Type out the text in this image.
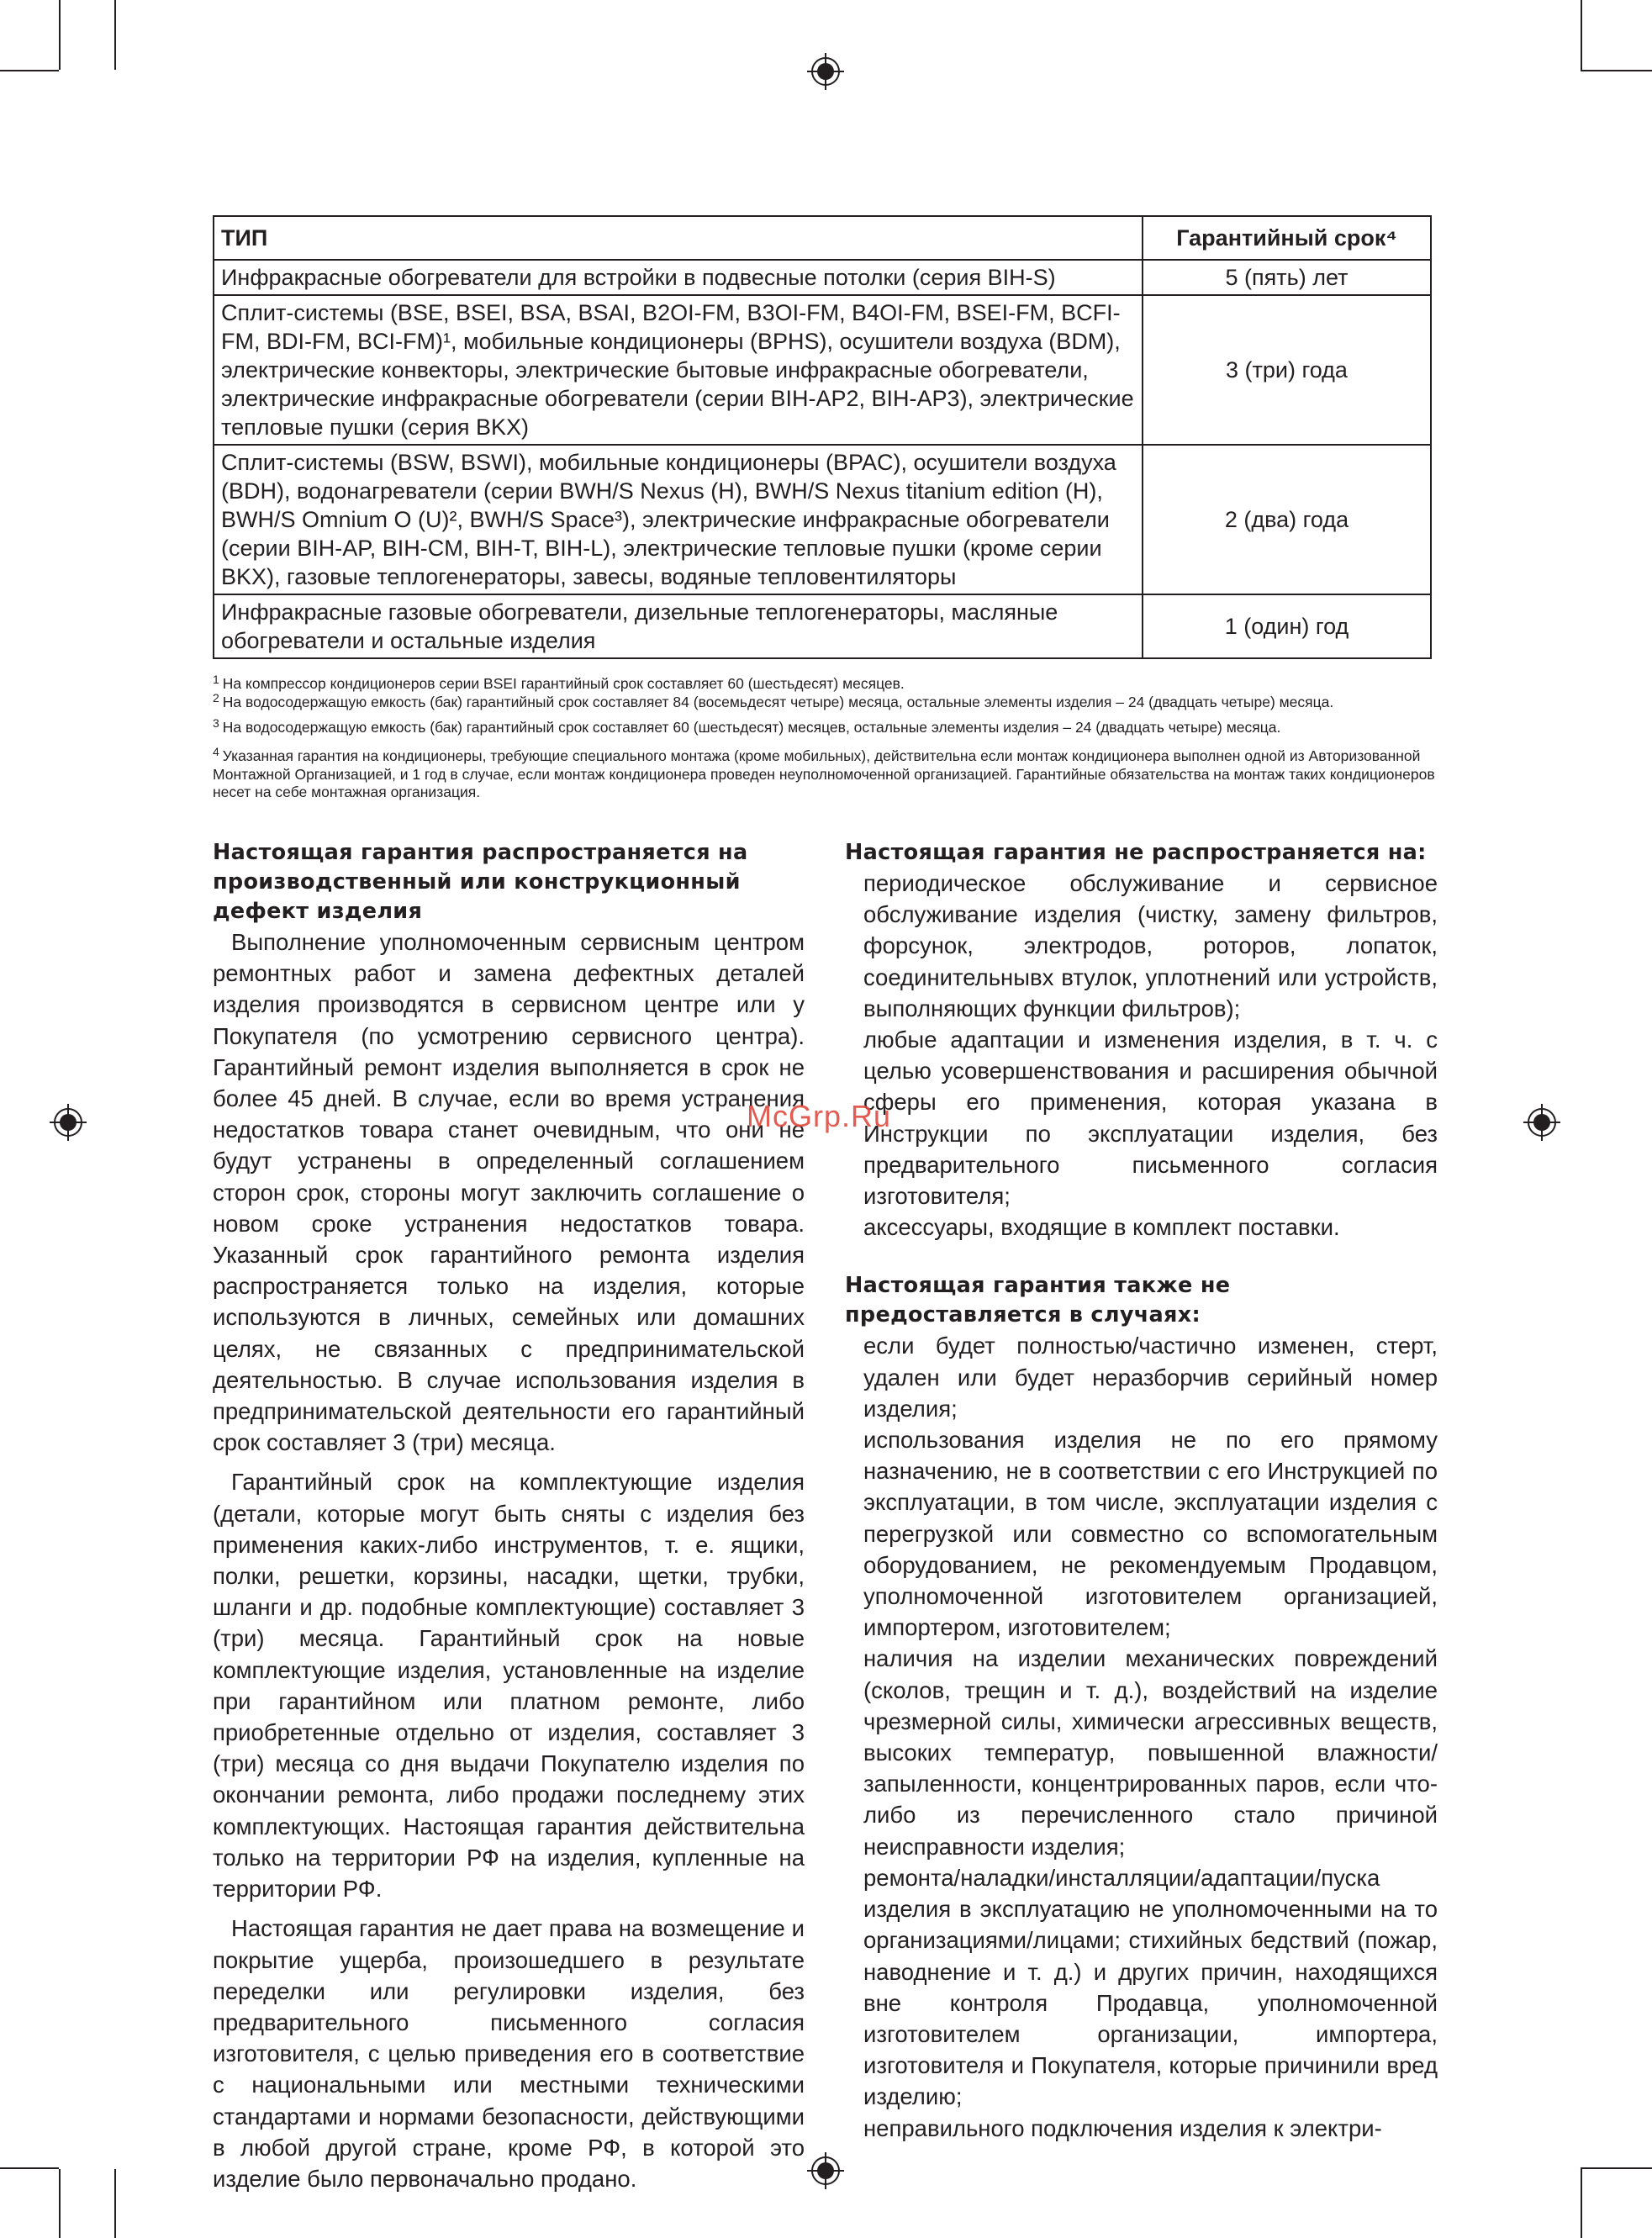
ТИП	Гарантийный срок⁴
Инфракрасные обогреватели для встройки в подвесные потолки (серия BIH-S)	5 (пять) лет
Сплит-системы (BSE, BSEI, BSA, BSAI, B2OI-FM, B3OI-FM, B4OI-FM, BSEI-FM, BCFI-FM, BDI-FM, BCI-FM)¹, мобильные кондиционеры (BPHS), осушители воздуха (BDM), электрические конвекторы, электрические бытовые инфракрасные обогреватели, электрические инфракрасные обогреватели (серии BIH-AP2, BIH-AP3), электрические тепловые пушки (серия BKX)	3 (три) года
Сплит-системы (BSW, BSWI), мобильные кондиционеры (BPAC), осушители воздуха (BDH), водонагреватели (серии BWH/S Nexus (H), BWH/S Nexus titanium edition (H), BWH/S Omnium O (U)², BWH/S Space³), электрические инфракрасные обогреватели (серии BIH-AP, BIH-CM, BIH-T, BIH-L), электрические тепловые пушки (кроме серии BKX), газовые теплогенераторы, завесы, водяные тепловентиляторы	2 (два) года
Инфракрасные газовые обогреватели, дизельные теплогенераторы, масляные обогреватели и остальные изделия	1 (один) год

$^1$ На компрессор кондиционеров серии BSEI гарантийный срок составляет 60 (шестьдесят) месяцев.

$^2$ На водосодержащую емкость (бак) гарантийный срок составляет 84 (восемьдесят четыре) месяца, остальные элементы изделия – 24 (двадцать четыре) месяца.

$^3$ На водосодержащую емкость (бак) гарантийный срок составляет 60 (шестьдесят) месяцев, остальные элементы изделия – 24 (двадцать четыре) месяца.

$^4$ Указанная гарантия на кондиционеры, требующие специального монтажа (кроме мобильных), действительна если монтаж кондиционера выполнен одной из Авторизованной Монтажной Организацией, и 1 год в случае, если монтаж кондиционера проведен неуполномоченной организацией. Гарантийные обязательства на монтаж таких кондиционеров несет на себе монтажная организация.

Настоящая гарантия распространяется на производственный или конструкционный дефект изделия

Выполнение уполномоченным сервисным центром ремонтных работ и замена дефектных деталей изделия производятся в сервисном центре или у Покупателя (по усмотрению сервисного центра). Гарантийный ремонт изделия выполняется в срок не более 45 дней. В случае, если во время устранения недостатков товара станет очевидным, что они не будут устранены в определенный соглашением сторон срок, стороны могут заключить соглашение о новом сроке устранения недостатков товара. Указанный срок гарантийного ремонта изделия распространяется только на изделия, которые используются в личных, семейных или домашних целях, не связанных с предпринимательской деятельностью. В случае использования изделия в предпринимательской деятельности его гарантийный срок составляет 3 (три) месяца.

Гарантийный срок на комплектующие изделия (детали, которые могут быть сняты с изделия без применения каких-либо инструментов, т. е. ящики, полки, решетки, корзины, насадки, щетки, трубки, шланги и др. подобные комплектующие) составляет 3 (три) месяца. Гарантийный срок на новые комплектующие изделия, установленные на изделие при гарантийном или платном ремонте, либо приобретенные отдельно от изделия, составляет 3 (три) месяца со дня выдачи Покупателю изделия по окончании ремонта, либо продажи последнему этих комплектующих. Настоящая гарантия действительна только на территории РФ на изделия, купленные на территории РФ.

Настоящая гарантия не дает права на возмещение и покрытие ущерба, произошедшего в результате переделки или регулировки изделия, без предварительного письменного согласия изготовителя, с целью приведения его в соответствие с национальными или местными техническими стандартами и нормами безопасности, действующими в любой другой стране, кроме РФ, в которой это изделие было первоначально продано.

Настоящая гарантия не распространяется на:

периодическое обслуживание и сервисное обслуживание изделия (чистку, замену фильтров, форсунок, электродов, роторов, лопаток, соединительнывх втулок, уплотнений или устройств, выполняющих функции фильтров);

любые адаптации и изменения изделия, в т. ч. с целью усовершенствования и расширения обычной сферы его применения, которая указана в Инструкции по эксплуатации изделия, без предварительного письменного согласия изготовителя;

аксессуары, входящие в комплект поставки.

Настоящая гарантия также не предоставляется в случаях:

если будет полностью/частично изменен, стерт, удален или будет неразборчив серийный номер изделия;

использования изделия не по его прямому назначению, не в соответствии с его Инструкцией по эксплуатации, в том числе, эксплуатации изделия с перегрузкой или совместно со вспомогательным оборудованием, не рекомендуемым Продавцом, уполномоченной изготовителем организацией, импортером, изготовителем;

наличия на изделии механических повреждений (сколов, трещин и т. д.), воздействий на изделие чрезмерной силы, химически агрессивных веществ, высоких температур, повышенной влажности/запыленности, концентрированных паров, если что-либо из перечисленного стало причиной неисправности изделия;

ремонта/наладки/инсталляции/адаптации/пуска изделия в эксплуатацию не уполномоченными на то организациями/лицами; стихийных бедствий (пожар, наводнение и т. д.) и других причин, находящихся вне контроля Продавца, уполномоченной изготовителем организации, импортера, изготовителя и Покупателя, которые причинили вред изделию;

неправильного подключения изделия к электри-

McGrp.Ru
